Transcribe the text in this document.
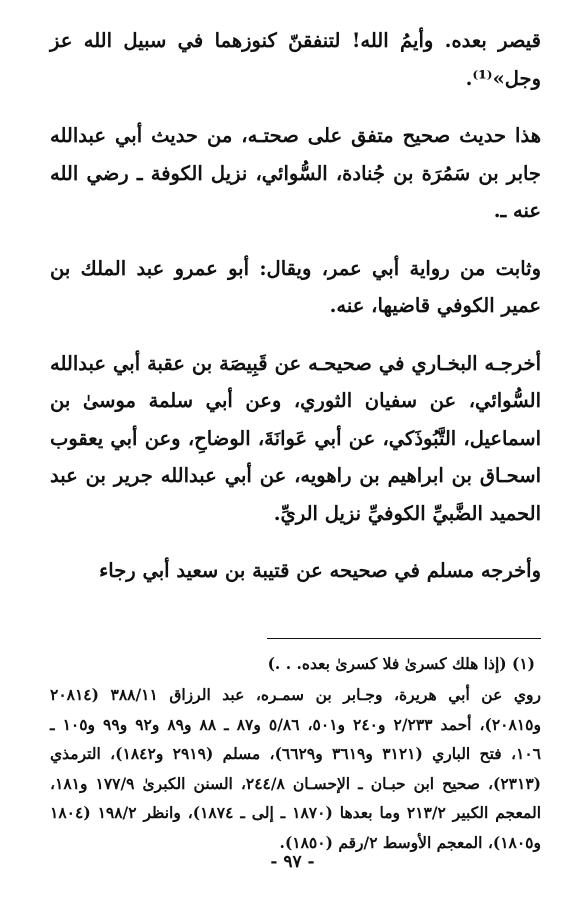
قيصر بعده. وأيمُ الله! لتنفقنّ كنوزهما في سبيل الله عز وجل»⁽¹⁾.

هذا حديث صحيح متفق على صحتـه، من حديث أبي عبدالله جابر بن سَمُرَة بن جُنادة، السُّوائي، نزيل الكوفة ـ رضي الله عنه ـ.

وثابت من رواية أبي عمر، ويقال: أبو عمرو عبد الملك بن عمير الكوفي قاضيها، عنه.

أخرجـه البخـاري في صحيحـه عن قَبِيصَة بن عقبة أبي عبدالله السُّوائي، عن سفيان الثوري، وعن أبي سلمة موسىٰ بن اسماعيل، التَّبُوذَكي، عن أبي عَوانَةَ، الوضاحِ، وعن أبي يعقوب اسحـاق بن ابراهيم بن راهويه، عن أبي عبدالله جرير بن عبد الحميد الضَّبيِّ الكوفيِّ نزيل الريِّ.

وأخرجه مسلم في صحيحه عن قتيبة بن سعيد أبي رجاء

(١) (إذا هلك كسرىٰ فلا كسرىٰ بعده. . .)

روي عن أبي هريرة، وجـابر بن سمـره، عبد الرزاق ٣٨٨/١١ (٢٠٨١٤ و٢٠٨١٥)، أحمد ٢/٢٣٣ و٢٤٠ و٥٠١، ٥/٨٦ و٨٧ ـ ٨٨ و٨٩ و٩٢ و٩٩ و١٠٥ ـ ١٠٦، فتح الباري (٣١٢١ و٣٦١٩ و٦٦٢٩)، مسلم (٢٩١٩ و١٨٤٢)، الترمذي (٢٣١٣)، صحيح ابن حبـان ـ الإحسـان ٢٤٤/٨، السنن الكبرىٰ ١٧٧/٩ و١٨١، المعجم الكبير ٢١٣/٢ وما بعدها (١٨٧٠ ـ إلى ـ ١٨٧٤)، وانظر ١٩٨/٢ (١٨٠٤ و١٨٠٥)، المعجم الأوسط ٢/رقم (١٨٥٠).

- ٩٧ -
